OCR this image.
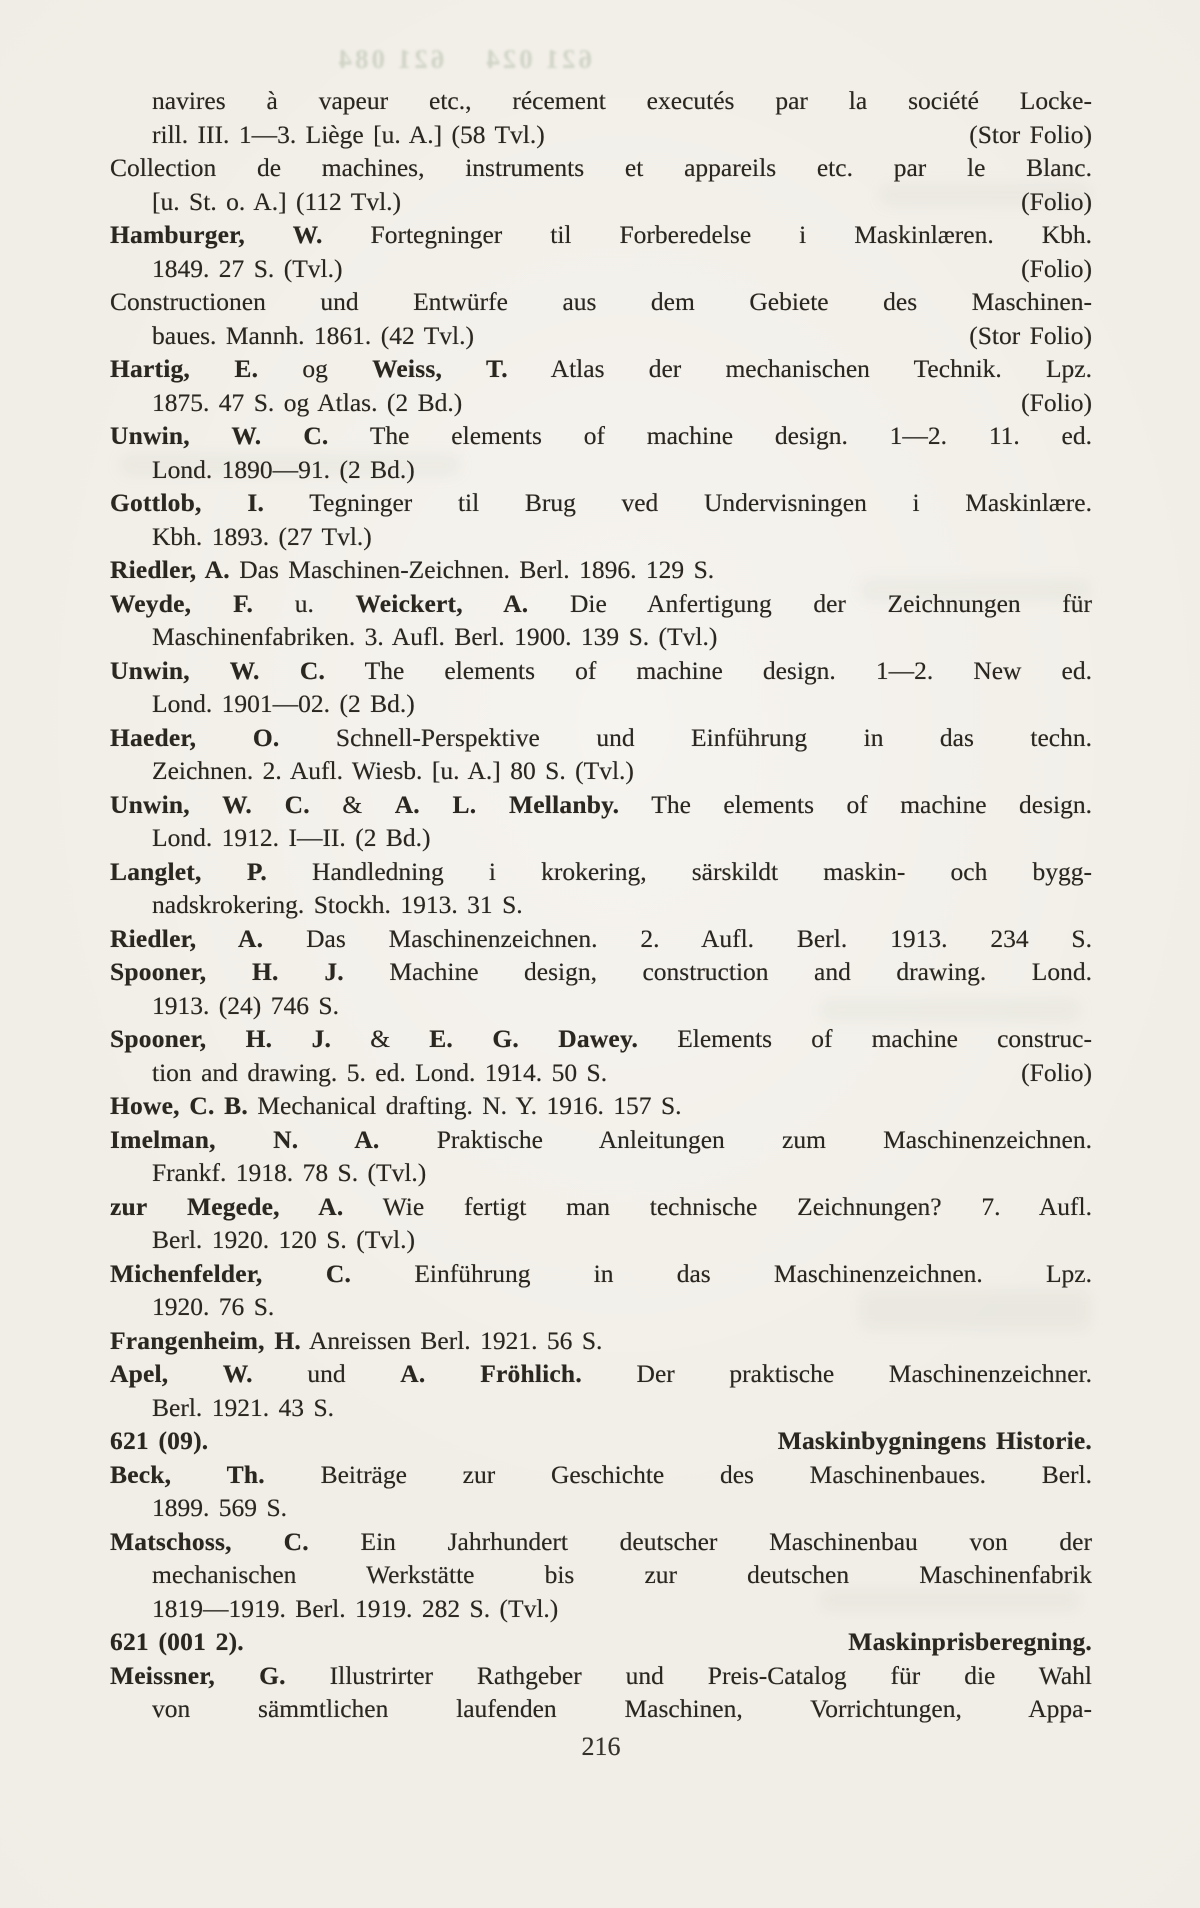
621 024    621 084
navires à vapeur etc., récement executés par la société Locke-
rill. III. 1—3. Liège [u. A.] (58 Tvl.)	(Stor Folio)
Collection de machines, instruments et appareils etc. par le Blanc.
[u. St. o. A.] (112 Tvl.)	(Folio)
Hamburger, W. Fortegninger til Forberedelse i Maskinlæren. Kbh.
1849. 27 S. (Tvl.)	(Folio)
Constructionen und Entwürfe aus dem Gebiete des Maschinen-
baues. Mannh. 1861. (42 Tvl.)	(Stor Folio)
Hartig, E. og Weiss, T. Atlas der mechanischen Technik. Lpz.
1875. 47 S. og Atlas. (2 Bd.)	(Folio)
Unwin, W. C. The elements of machine design. 1—2. 11. ed.
Lond. 1890—91. (2 Bd.)
Gottlob, I. Tegninger til Brug ved Undervisningen i Maskinlære.
Kbh. 1893. (27 Tvl.)
Riedler, A. Das Maschinen-Zeichnen. Berl. 1896. 129 S.
Weyde, F. u. Weickert, A. Die Anfertigung der Zeichnungen für
Maschinenfabriken. 3. Aufl. Berl. 1900. 139 S. (Tvl.)
Unwin, W. C. The elements of machine design. 1—2. New ed.
Lond. 1901—02. (2 Bd.)
Haeder, O. Schnell-Perspektive und Einführung in das techn.
Zeichnen. 2. Aufl. Wiesb. [u. A.] 80 S. (Tvl.)
Unwin, W. C. & A. L. Mellanby. The elements of machine design.
Lond. 1912. I—II. (2 Bd.)
Langlet, P. Handledning i krokering, särskildt maskin- och bygg-
nadskrokering. Stockh. 1913. 31 S.
Riedler, A. Das Maschinenzeichnen. 2. Aufl. Berl. 1913. 234 S.
Spooner, H. J. Machine design, construction and drawing. Lond.
1913. (24) 746 S.
Spooner, H. J. & E. G. Dawey. Elements of machine construc-
tion and drawing. 5. ed. Lond. 1914. 50 S.	(Folio)
Howe, C. B. Mechanical drafting. N. Y. 1916. 157 S.
Imelman, N. A. Praktische Anleitungen zum Maschinenzeichnen.
Frankf. 1918. 78 S. (Tvl.)
zur Megede, A. Wie fertigt man technische Zeichnungen? 7. Aufl.
Berl. 1920. 120 S. (Tvl.)
Michenfelder, C. Einführung in das Maschinenzeichnen. Lpz.
1920. 76 S.
Frangenheim, H. Anreissen Berl. 1921. 56 S.
Apel, W. und A. Fröhlich. Der praktische Maschinenzeichner.
Berl. 1921. 43 S.
621 (09).	Maskinbygningens Historie.
Beck, Th. Beiträge zur Geschichte des Maschinenbaues. Berl.
1899. 569 S.
Matschoss, C. Ein Jahrhundert deutscher Maschinenbau von der
mechanischen Werkstätte bis zur deutschen Maschinenfabrik
1819—1919. Berl. 1919. 282 S. (Tvl.)
621 (001 2).	Maskinprisberegning.
Meissner, G. Illustrirter Rathgeber und Preis-Catalog für die Wahl
von sämmtlichen laufenden Maschinen, Vorrichtungen, Appa-
216
